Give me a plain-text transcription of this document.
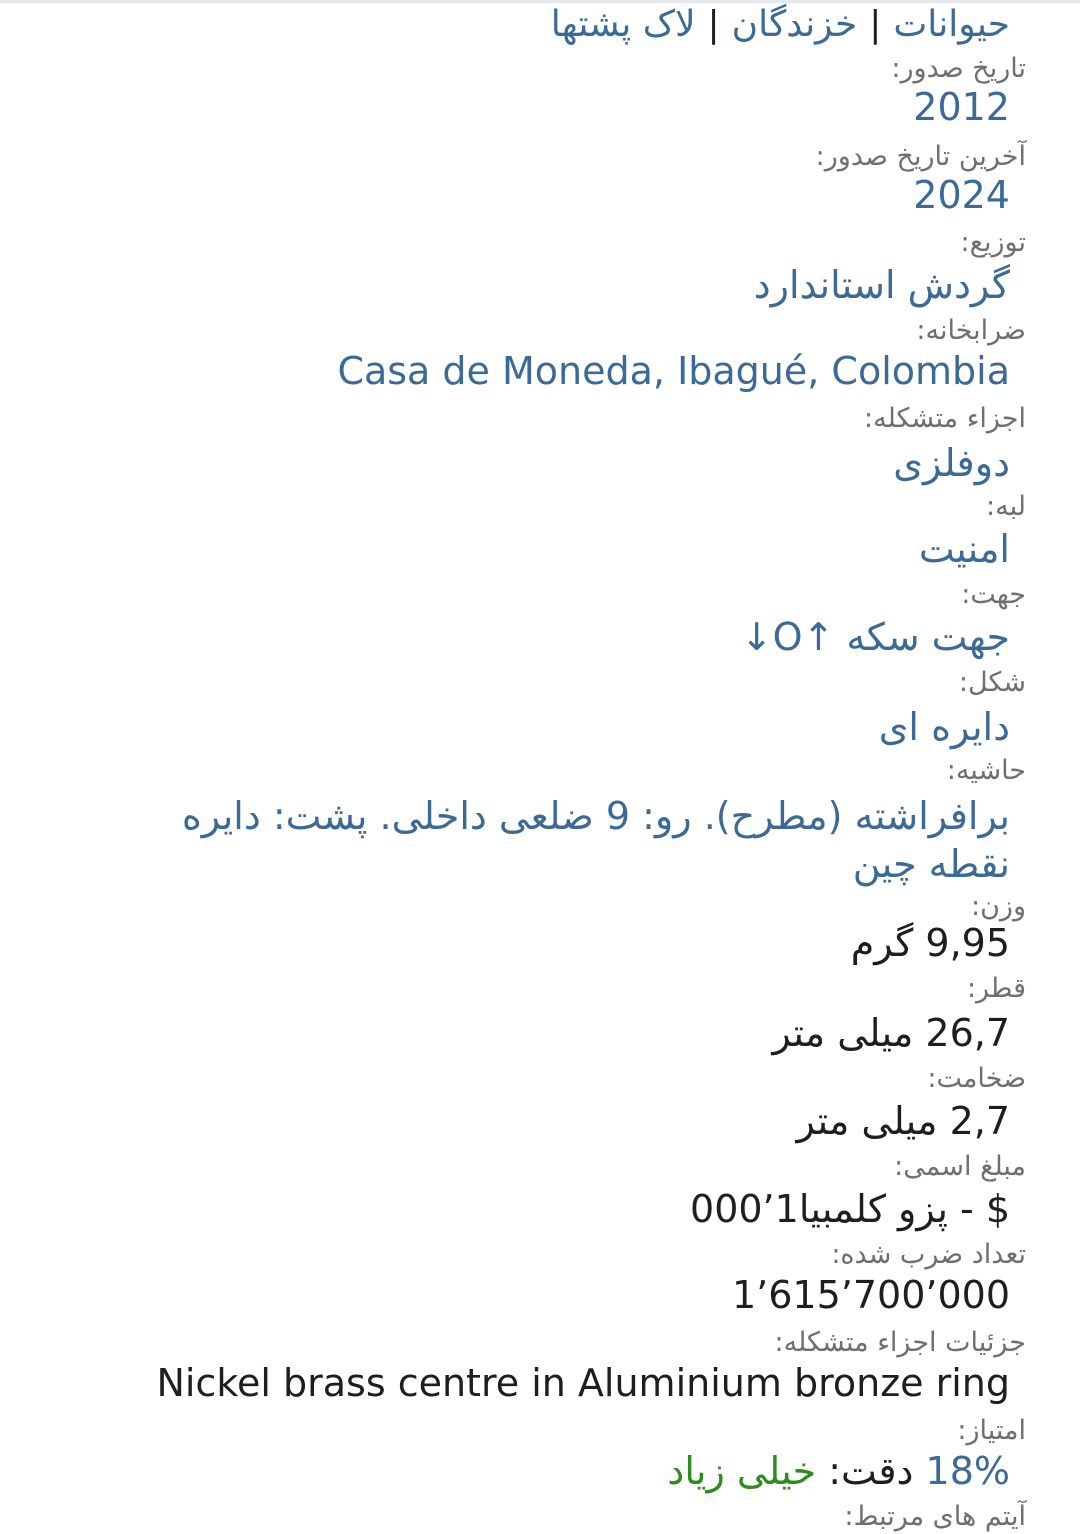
حیوانات|خزندگان|لاک پشتها
تاریخ صدور:
2012
آخرین تاریخ صدور:
2024
توزیع:
گردش استاندارد
ضرابخانه:
Casa de Moneda, Ibagué, Colombia
اجزاء متشکله:
دوفلزی
لبه:
امنیت
جهت:
جهت سکه ↑O↓
شکل:
دایره ای
حاشیه:
برافراشته (مطرح). رو: 9 ضلعی داخلی. پشت: دایره نقطه چین
وزن:
9,95 گرم
قطر:
26,7 میلی متر
ضخامت:
2,7 میلی متر
مبلغ اسمی:
$ - پزو کلمبیا1’000
تعداد ضرب شده:
1’615’700’000
جزئیات اجزاء متشکله:
Nickel brass centre in Aluminium bronze ring
امتیاز:
18% دقت: خیلی زیاد
آیتم های مرتبط:
